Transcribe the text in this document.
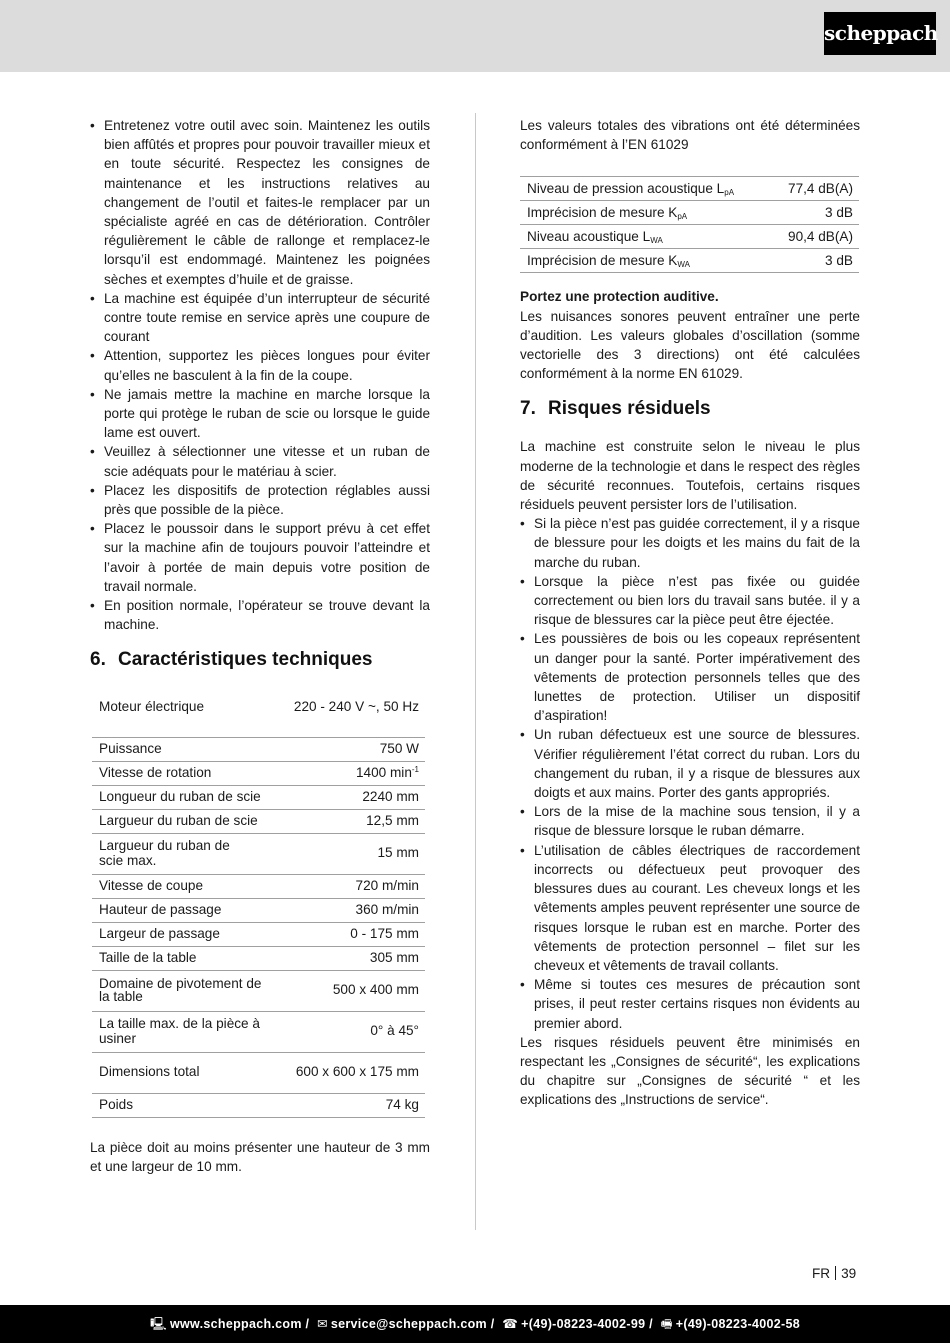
scheppach
• Entretenez votre outil avec soin. Maintenez les outils bien affûtés et propres pour pouvoir travailler mieux et en toute sécurité. Respectez les consignes de maintenance et les instructions relatives au changement de l’outil et faites-le remplacer par un spécialiste agréé en cas de détérioration. Contrôler régulièrement le câble de rallonge et remplacez-le lorsqu’il est endommagé. Maintenez les poignées sèches et exemptes d’huile et de graisse.
• La machine est équipée d’un interrupteur de sécurité contre toute remise en service après une coupure de courant
• Attention, supportez les pièces longues pour éviter qu’elles ne basculent à la fin de la coupe.
• Ne jamais mettre la machine en marche lorsque la porte qui protège le ruban de scie ou lorsque le guide lame est ouvert.
• Veuillez à sélectionner une vitesse et un ruban de scie adéquats pour le matériau à scier.
• Placez les dispositifs de protection réglables aussi près que possible de la pièce.
• Placez le poussoir dans le support prévu à cet effet sur la machine afin de toujours pouvoir l’atteindre et l’avoir à portée de main depuis votre position de travail normale.
• En position normale, l’opérateur se trouve devant la machine.
6. Caractéristiques techniques
Moteur électrique	220 - 240 V ~, 50 Hz
Puissance	750 W
Vitesse de rotation	1400 $\min^{-1}$
Longueur du ruban de scie	2240 mm
Largueur du ruban de scie	12,5 mm
Largueur du ruban de scie max.	15 mm
Vitesse de coupe	720 m/min
Hauteur de passage	360 m/min
Largeur de passage	0 - 175 mm
Taille de la table	305 mm
Domaine de pivotement de la table	500 x 400 mm
La taille max. de la pièce à usiner	0° à 45°
Dimensions total	600 x 600 x 175 mm
Poids	74 kg

La pièce doit au moins présenter une hauteur de 3 mm et une largeur de 10 mm.

Les valeurs totales des vibrations ont été déterminées conformément à l’EN 61029

Niveau de pression acoustique $L_{pA}$	77,4 dB(A)
Imprécision de mesure $K_{pA}$	3 dB
Niveau acoustique $L_{WA}$	90,4 dB(A)
Imprécision de mesure $K_{WA}$	3 dB

Portez une protection auditive.

Les nuisances sonores peuvent entraîner une perte d’audition. Les valeurs globales d’oscillation (somme vectorielle des 3 directions) ont été calculées conformément à la norme EN 61029.

7. Risques résiduels

La machine est construite selon le niveau le plus moderne de la technologie et dans le respect des règles de sécurité reconnues. Toutefois, certains risques résiduels peuvent persister lors de l’utilisation.

• Si la pièce n’est pas guidée correctement, il y a risque de blessure pour les doigts et les mains du fait de la marche du ruban.
• Lorsque la pièce n’est pas fixée ou guidée correctement ou bien lors du travail sans butée. il y a risque de blessures car la pièce peut être éjectée.
• Les poussières de bois ou les copeaux représentent un danger pour la santé. Porter impérativement des vêtements de protection personnels telles que des lunettes de protection. Utiliser un dispositif d’aspiration!
• Un ruban défectueux est une source de blessures. Vérifier régulièrement l’état correct du ruban. Lors du changement du ruban, il y a risque de blessures aux doigts et aux mains. Porter des gants appropriés.
• Lors de la mise de la machine sous tension, il y a risque de blessure lorsque le ruban démarre.
• L’utilisation de câbles électriques de raccordement incorrects ou défectueux peut provoquer des blessures dues au courant. Les cheveux longs et les vêtements amples peuvent représenter une source de risques lorsque le ruban est en marche. Porter des vêtements de protection personnel – filet sur les cheveux et vêtements de travail collants.
• Même si toutes ces mesures de précaution sont prises, il peut rester certains risques non évidents au premier abord.

Les risques résiduels peuvent être minimisés en respectant les „Consignes de sécurité“, les explications du chapitre sur „Consignes de sécurité “ et les explications des „Instructions de service“.

FR 39
🖳 www.scheppach.com / ✉ service@scheppach.com / ☎ +(49)-08223-4002-99 / 🖷 +(49)-08223-4002-58
